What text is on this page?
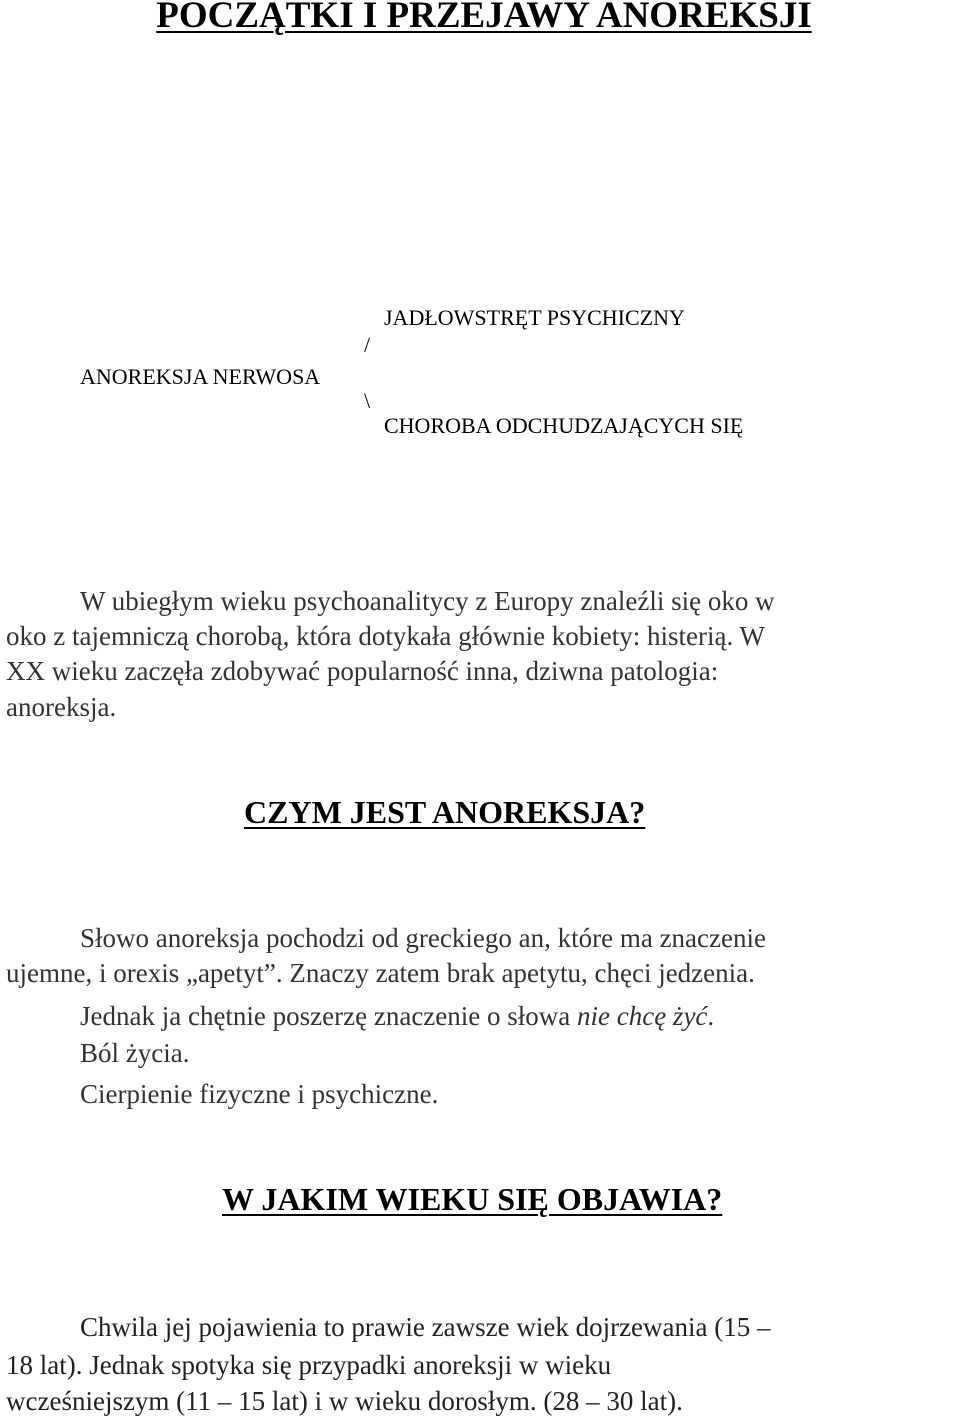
POCZĄTKI I PRZEJAWY ANOREKSJI
JADŁOWSTRĘT PSYCHICZNY
/
ANOREKSJA NERWOSA
\
CHOROBA ODCHUDZAJĄCYCH SIĘ
W ubiegłym wieku psychoanalitycy z Europy znaleźli się oko w
oko z tajemniczą chorobą, która dotykała głównie kobiety: histerią. W
XX wieku zaczęła zdobywać popularność inna, dziwna patologia:
anoreksja.
CZYM JEST ANOREKSJA?
Słowo anoreksja pochodzi od greckiego an, które ma znaczenie
ujemne, i orexis „apetyt”. Znaczy zatem brak apetytu, chęci jedzenia.
Jednak ja chętnie poszerzę znaczenie o słowa nie chcę żyć.
Ból życia.
Cierpienie fizyczne i psychiczne.
W JAKIM WIEKU SIĘ OBJAWIA?
Chwila jej pojawienia to prawie zawsze wiek dojrzewania (15 –
18 lat). Jednak spotyka się przypadki anoreksji w wieku
wcześniejszym (11 – 15 lat) i w wieku dorosłym. (28 – 30 lat).
